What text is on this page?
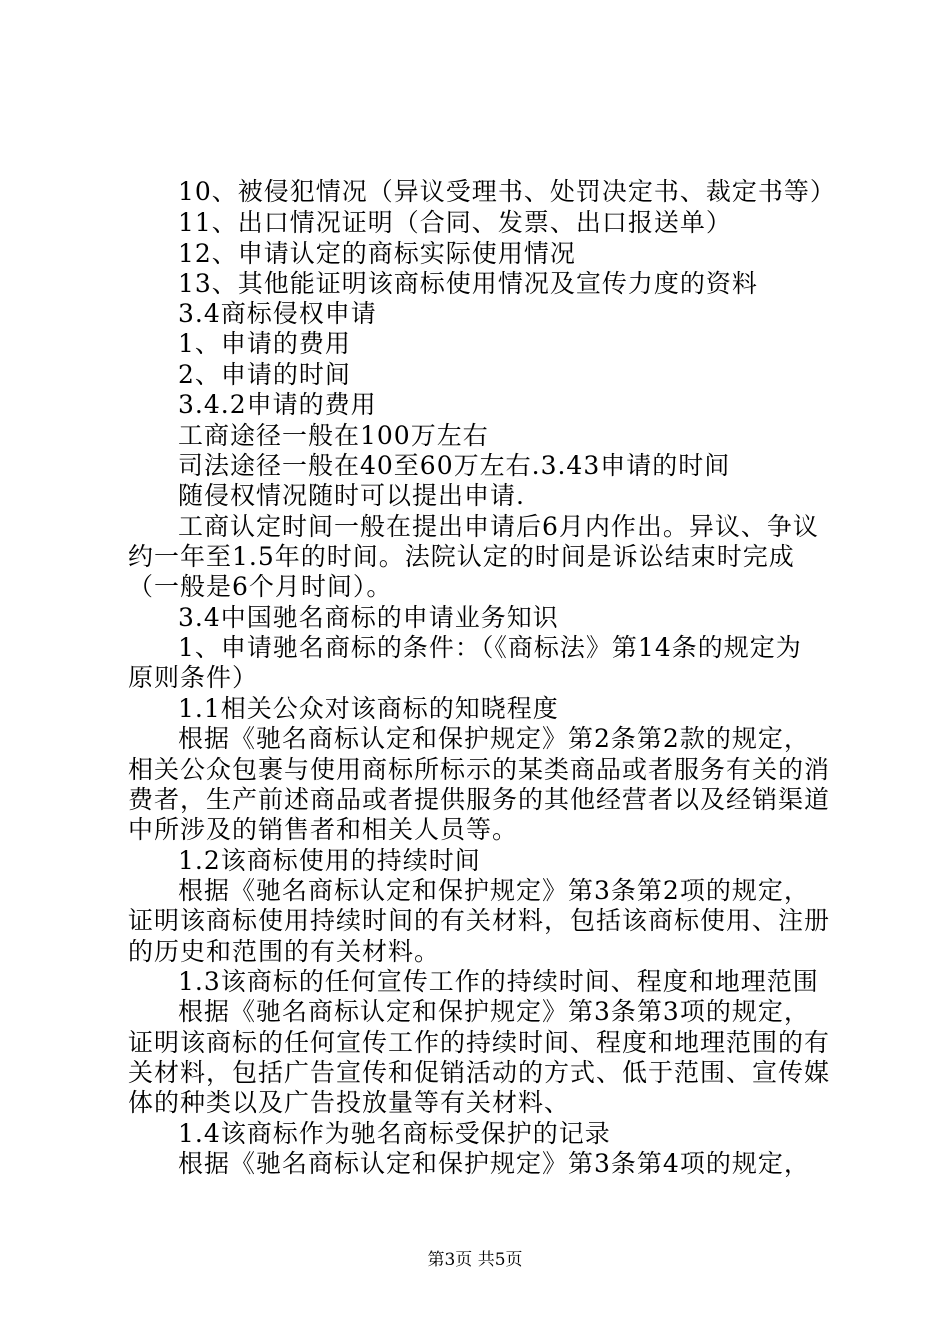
10、被侵犯情况（异议受理书、处罚决定书、裁定书等）
11、出口情况证明（合同、发票、出口报送单）
12、申请认定的商标实际使用情况
13、其他能证明该商标使用情况及宣传力度的资料
3.4商标侵权申请
1、申请的费用
2、申请的时间
3.4.2申请的费用
工商途径一般在100万左右
司法途径一般在40至60万左右.3.43申请的时间
随侵权情况随时可以提出申请.
工商认定时间一般在提出申请后6月内作出。异议、争议
约一年至1.5年的时间。法院认定的时间是诉讼结束时完成
（一般是6个月时间）。
3.4中国驰名商标的申请业务知识
1、申请驰名商标的条件：（《商标法》第14条的规定为
原则条件）
1.1相关公众对该商标的知晓程度
根据《驰名商标认定和保护规定》第2条第2款的规定，
相关公众包裹与使用商标所标示的某类商品或者服务有关的消
费者，生产前述商品或者提供服务的其他经营者以及经销渠道
中所涉及的销售者和相关人员等。
1.2该商标使用的持续时间
根据《驰名商标认定和保护规定》第3条第2项的规定，
证明该商标使用持续时间的有关材料，包括该商标使用、注册
的历史和范围的有关材料。
1.3该商标的任何宣传工作的持续时间、程度和地理范围
根据《驰名商标认定和保护规定》第3条第3项的规定，
证明该商标的任何宣传工作的持续时间、程度和地理范围的有
关材料，包括广告宣传和促销活动的方式、低于范围、宣传媒
体的种类以及广告投放量等有关材料、
1.4该商标作为驰名商标受保护的记录
根据《驰名商标认定和保护规定》第3条第4项的规定，
第3页 共5页
